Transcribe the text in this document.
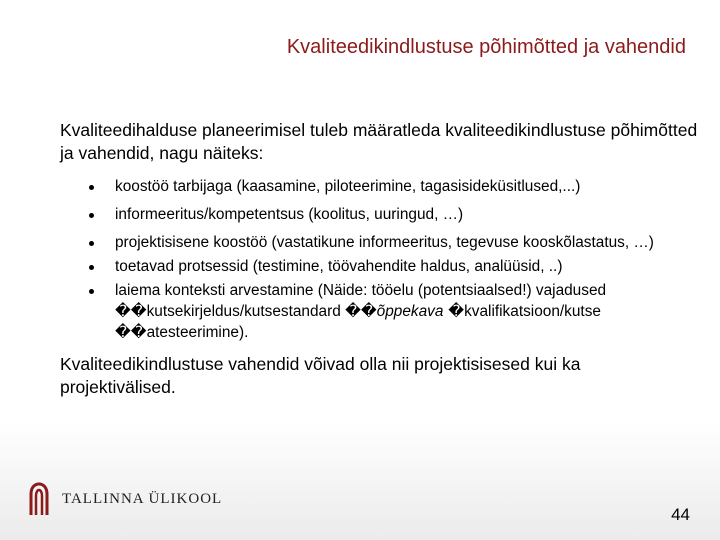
Kvaliteedikindlustuse põhimõtted ja vahendid

Kvaliteedihalduse planeerimisel tuleb määratleda kvaliteedikindlustuse põhimõtted ja vahendid, nagu näiteks:

koostöö tarbijaga (kaasamine, piloteerimine, tagasisideküsitlused,...)
informeeritus/kompetentsus (koolitus, uuringud, …)
projektisisene koostöö (vastatikune informeeritus, tegevuse kooskõlastatus, …)
toetavad protsessid (testimine, töövahendite haldus, analüüsid, ..)
laiema konteksti arvestamine (Näide: tööelu (potentsiaalsed!) vajadused ��kutsekirjeldus/kutsestandard ��õppekava �kvalifikatsioon/kutse ��atesteerimine).

Kvaliteedikindlustuse vahendid võivad olla nii projektisisesed kui ka projektivälised.

TALLINNA ÜLIKOOL
44
